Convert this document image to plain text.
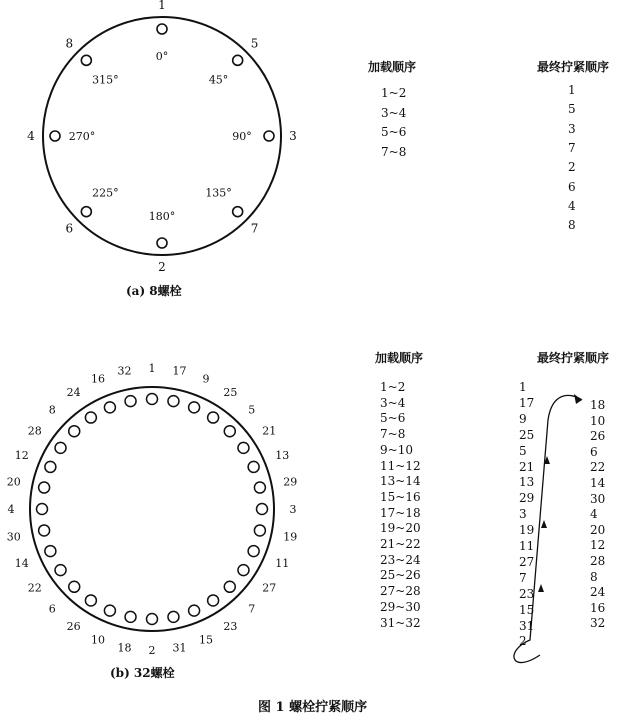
1
0°
5
45°
3
90°
7
135°
2
180°
6
225°
4	270°
8
315°
1 17
9
25
5
21
13
29
3
19
11
27
7
23
15
31
2
18
10
26
6
22
14
30
4
20
12
28
8
24
16
32
加载顺序
1~2
3~4
5~6
7~8
最终拧紧顺序
1
5
3
7
2
6
4
8
(a) 8螺栓
加载顺序
1~2
3~4
5~6
7~8
9~10
11~12
13~14
15~16
17~18
19~20
21~22
23~24
25~26
27~28
29~30
31~32
最终拧紧顺序
1
17
9
25
5
21
13
29
3
19
11
27
7
23
15
31
2
18
10
26
6
22
14
30
4
20
12
28
8
24
16
32
(b) 32螺栓
图 1 螺栓拧紧顺序
